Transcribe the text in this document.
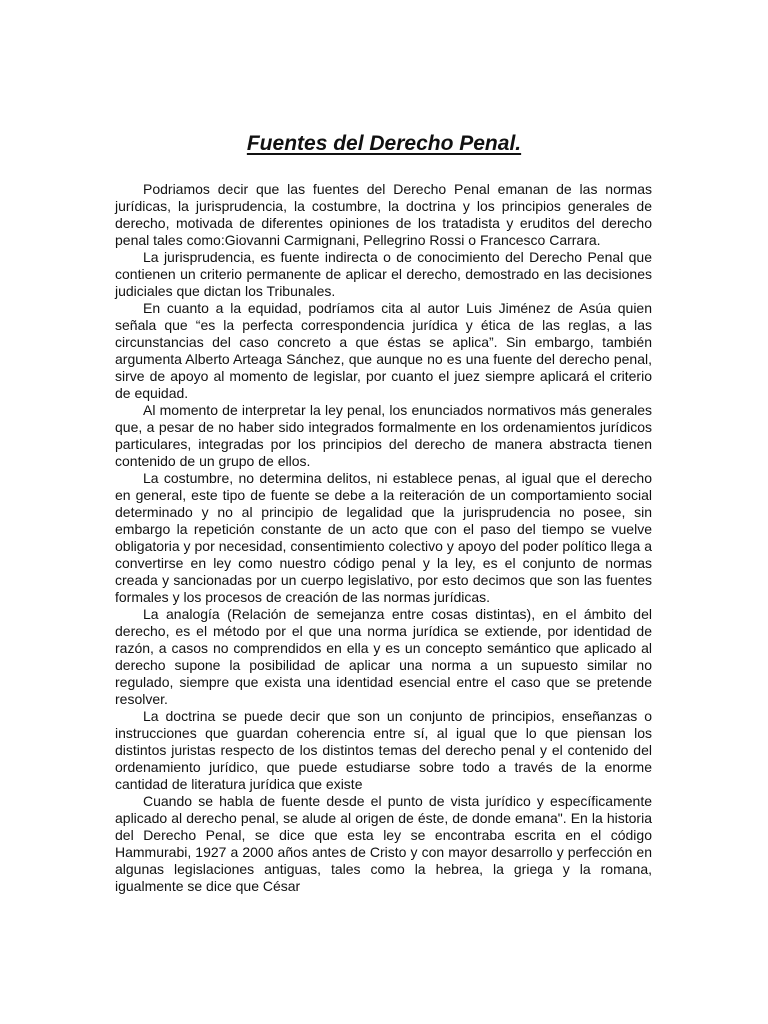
Fuentes del Derecho Penal.

Podriamos decir que las fuentes del Derecho Penal emanan de las normas jurídicas, la jurisprudencia, la costumbre, la doctrina y los principios generales de derecho, motivada de diferentes opiniones de los tratadista y eruditos del derecho penal tales como:Giovanni Carmignani, Pellegrino Rossi o Francesco Carrara.

La jurisprudencia, es fuente indirecta o de conocimiento del Derecho Penal que contienen un criterio permanente de aplicar el derecho, demostrado en las decisiones judiciales que dictan los Tribunales.

En cuanto a la equidad, podríamos cita al autor Luis Jiménez de Asúa quien señala que “es la perfecta correspondencia jurídica y ética de las reglas, a las circunstancias del caso concreto a que éstas se aplica”. Sin embargo, también argumenta Alberto Arteaga Sánchez, que aunque no es una fuente del derecho penal, sirve de apoyo al momento de legislar, por cuanto el juez siempre aplicará el criterio de equidad.

Al momento de interpretar la ley penal, los enunciados normativos más generales que, a pesar de no haber sido integrados formalmente en los ordenamientos jurídicos particulares, integradas por los principios del derecho de manera abstracta tienen contenido de un grupo de ellos.

La costumbre, no determina delitos, ni establece penas, al igual que el derecho en general, este tipo de fuente se debe a la reiteración de un comportamiento social determinado y no al principio de legalidad que la jurisprudencia no posee, sin embargo la repetición constante de un acto que con el paso del tiempo se vuelve obligatoria y por necesidad, consentimiento colectivo y apoyo del poder político llega a convertirse en ley como nuestro código penal y la ley, es el conjunto de normas creada y sancionadas por un cuerpo legislativo, por esto decimos que son las fuentes formales y los procesos de creación de las normas jurídicas.

La analogía (Relación de semejanza entre cosas distintas), en el ámbito del derecho, es el método por el que una norma jurídica se extiende, por identidad de razón, a casos no comprendidos en ella y es un concepto semántico que aplicado al derecho supone la posibilidad de aplicar una norma a un supuesto similar no regulado, siempre que exista una identidad esencial entre el caso que se pretende resolver.

La doctrina se puede decir que son un conjunto de principios, enseñanzas o instrucciones que guardan coherencia entre sí, al igual que lo que piensan los distintos juristas respecto de los distintos temas del derecho penal y el contenido del ordenamiento jurídico, que puede estudiarse sobre todo a través de la enorme cantidad de literatura jurídica que existe

Cuando se habla de fuente desde el punto de vista jurídico y específicamente aplicado al derecho penal, se alude al origen de éste, de donde emana". En la historia del Derecho Penal, se dice que esta ley se encontraba escrita en el código Hammurabi, 1927 a 2000 años antes de Cristo y con mayor desarrollo y perfección en algunas legislaciones antiguas, tales como la hebrea, la griega y la romana, igualmente se dice que César
